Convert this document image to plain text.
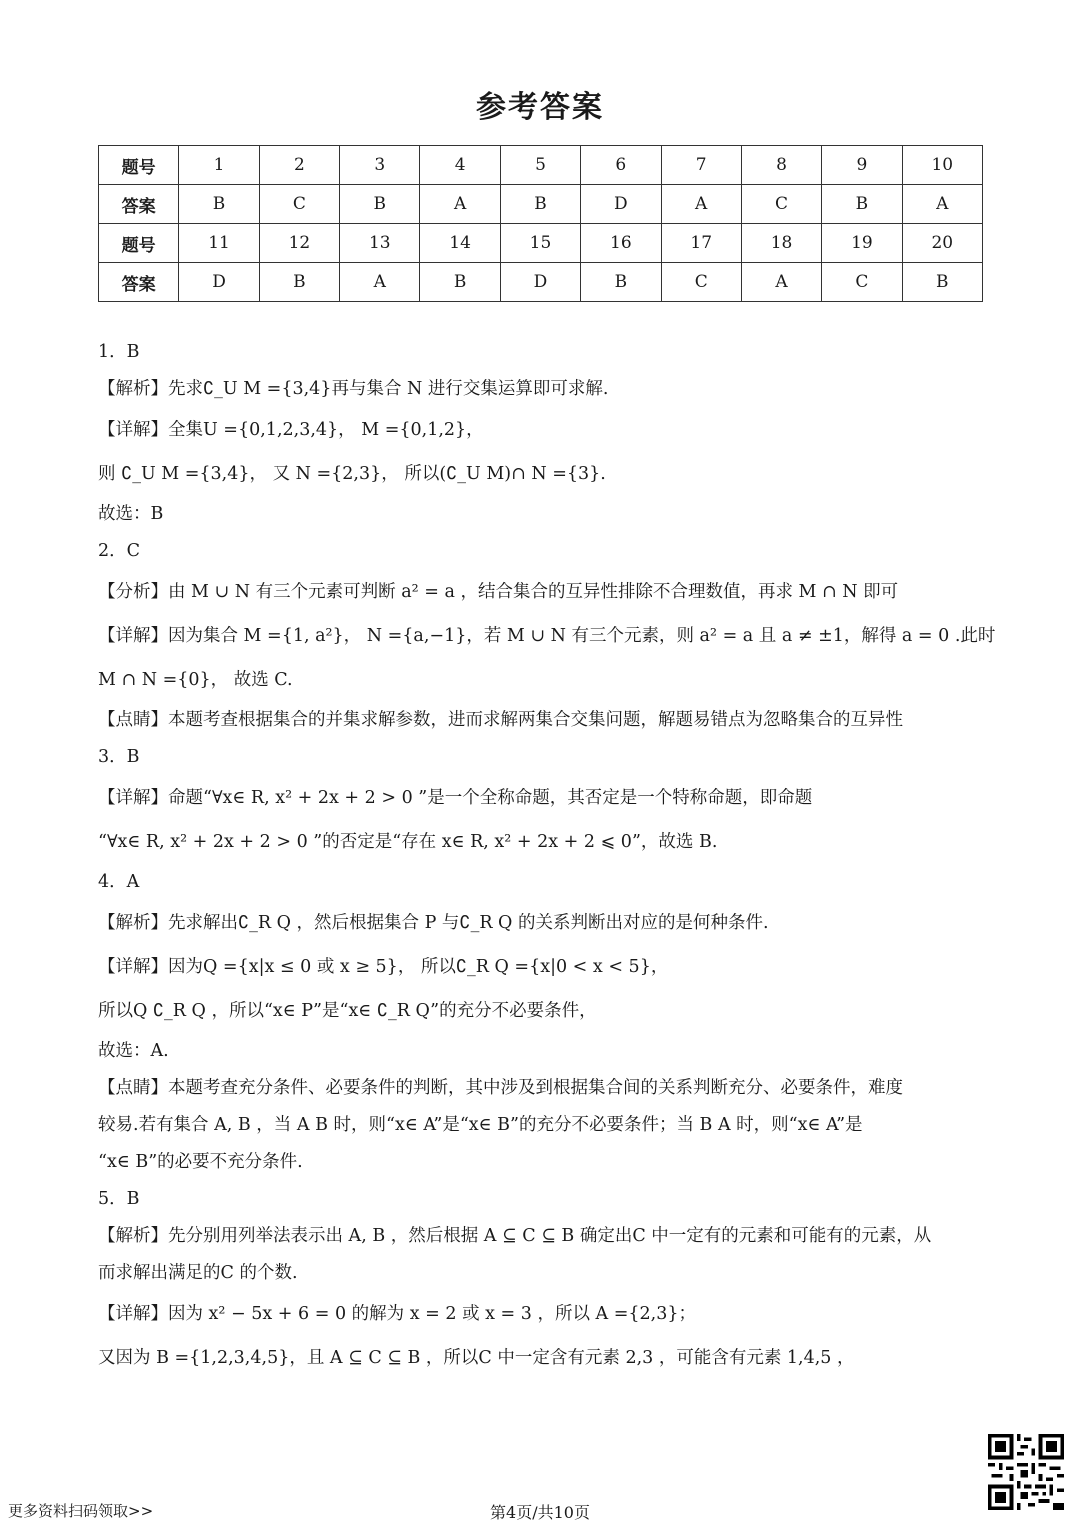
参考答案
题号	1	2	3	4	5	6	7	8	9	10
答案	B	C	B	A	B	D	A	C	B	A
题号	11	12	13	14	15	16	17	18	19	20
答案	D	B	A	B	D	B	C	A	C	B
1．B
【解析】先求∁_U M ={3,4}再与集合 N 进行交集运算即可求解.
【详解】全集U ={0,1,2,3,4}， M ={0,1,2}，
则 ∁_U M ={3,4}， 又 N ={2,3}， 所以(∁_U M)∩ N ={3}.
故选：B
2．C
【分析】由 M ∪ N 有三个元素可判断 a² = a ，结合集合的互异性排除不合理数值，再求 M ∩ N 即可
【详解】因为集合 M ={1, a²}， N ={a,−1}，若 M ∪ N 有三个元素，则 a² = a 且 a ≠ ±1，解得 a = 0 .此时
M ∩ N ={0}， 故选 C.
【点睛】本题考查根据集合的并集求解参数，进而求解两集合交集问题，解题易错点为忽略集合的互异性
3．B
【详解】命题“∀x∈ R, x² + 2x + 2 > 0 ”是一个全称命题，其否定是一个特称命题，即命题
“∀x∈ R, x² + 2x + 2 > 0 ”的否定是“存在 x∈ R, x² + 2x + 2 ⩽ 0”，故选 B.
4．A
【解析】先求解出∁_R Q ，然后根据集合 P 与∁_R Q 的关系判断出对应的是何种条件.
【详解】因为Q ={x|x ≤ 0 或 x ≥ 5}， 所以∁_R Q ={x|0 < x < 5}，
所以Q ∁_R Q ，所以“x∈ P”是“x∈ ∁_R Q”的充分不必要条件，
故选：A.
【点睛】本题考查充分条件、必要条件的判断，其中涉及到根据集合间的关系判断充分、必要条件，难度
较易.若有集合 A, B ，当 A B 时，则“x∈ A”是“x∈ B”的充分不必要条件；当 B A 时，则“x∈ A”是
“x∈ B”的必要不充分条件.
5．B
【解析】先分别用列举法表示出 A, B ，然后根据 A ⊆ C ⊆ B 确定出C 中一定有的元素和可能有的元素，从
而求解出满足的C 的个数.
【详解】因为 x² − 5x + 6 = 0 的解为 x = 2 或 x = 3 ，所以 A ={2,3}；
又因为 B ={1,2,3,4,5}，且 A ⊆ C ⊆ B ，所以C 中一定含有元素 2,3 ，可能含有元素 1,4,5 ，
更多资料扫码领取>>	第4页/共10页
